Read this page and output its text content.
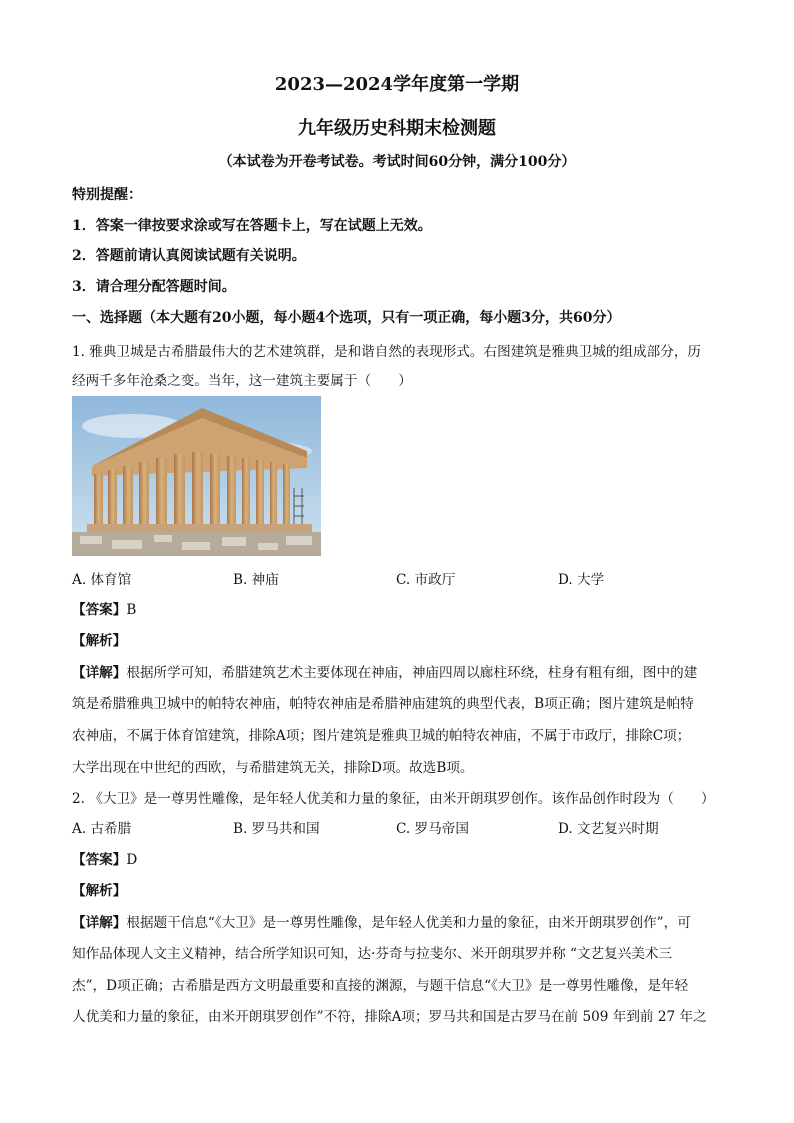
2023—2024学年度第一学期
九年级历史科期末检测题
（本试卷为开卷考试卷。考试时间60分钟，满分100分）
特别提醒：
1．答案一律按要求涂或写在答题卡上，写在试题上无效。
2．答题前请认真阅读试题有关说明。
3．请合理分配答题时间。
一、选择题（本大题有20小题，每小题4个选项，只有一项正确，每小题3分，共60分）
1. 雅典卫城是古希腊最伟大的艺术建筑群，是和谐自然的表现形式。右图建筑是雅典卫城的组成部分，历
经两千多年沧桑之变。当年，这一建筑主要属于（　　）
A. 体育馆	B. 神庙	C. 市政厅	D. 大学
【答案】B
【解析】
【详解】根据所学可知，希腊建筑艺术主要体现在神庙，神庙四周以廊柱环绕，柱身有粗有细，图中的建
筑是希腊雅典卫城中的帕特农神庙，帕特农神庙是希腊神庙建筑的典型代表，B项正确；图片建筑是帕特
农神庙，不属于体育馆建筑，排除A项；图片建筑是雅典卫城的帕特农神庙，不属于市政厅，排除C项；
大学出现在中世纪的西欧，与希腊建筑无关，排除D项。故选B项。
2. 《大卫》是一尊男性雕像，是年轻人优美和力量的象征，由米开朗琪罗创作。该作品创作时段为（　　）
A. 古希腊	B. 罗马共和国	C. 罗马帝国	D. 文艺复兴时期
【答案】D
【解析】
【详解】根据题干信息“《大卫》是一尊男性雕像，是年轻人优美和力量的象征，由米开朗琪罗创作”，可
知作品体现人文主义精神，结合所学知识可知，达·芬奇与拉斐尔、米开朗琪罗并称 “文艺复兴美术三
杰”，D项正确；古希腊是西方文明最重要和直接的渊源，与题干信息“《大卫》是一尊男性雕像，是年轻
人优美和力量的象征，由米开朗琪罗创作”不符，排除A项；罗马共和国是古罗马在前 509 年到前 27 年之
